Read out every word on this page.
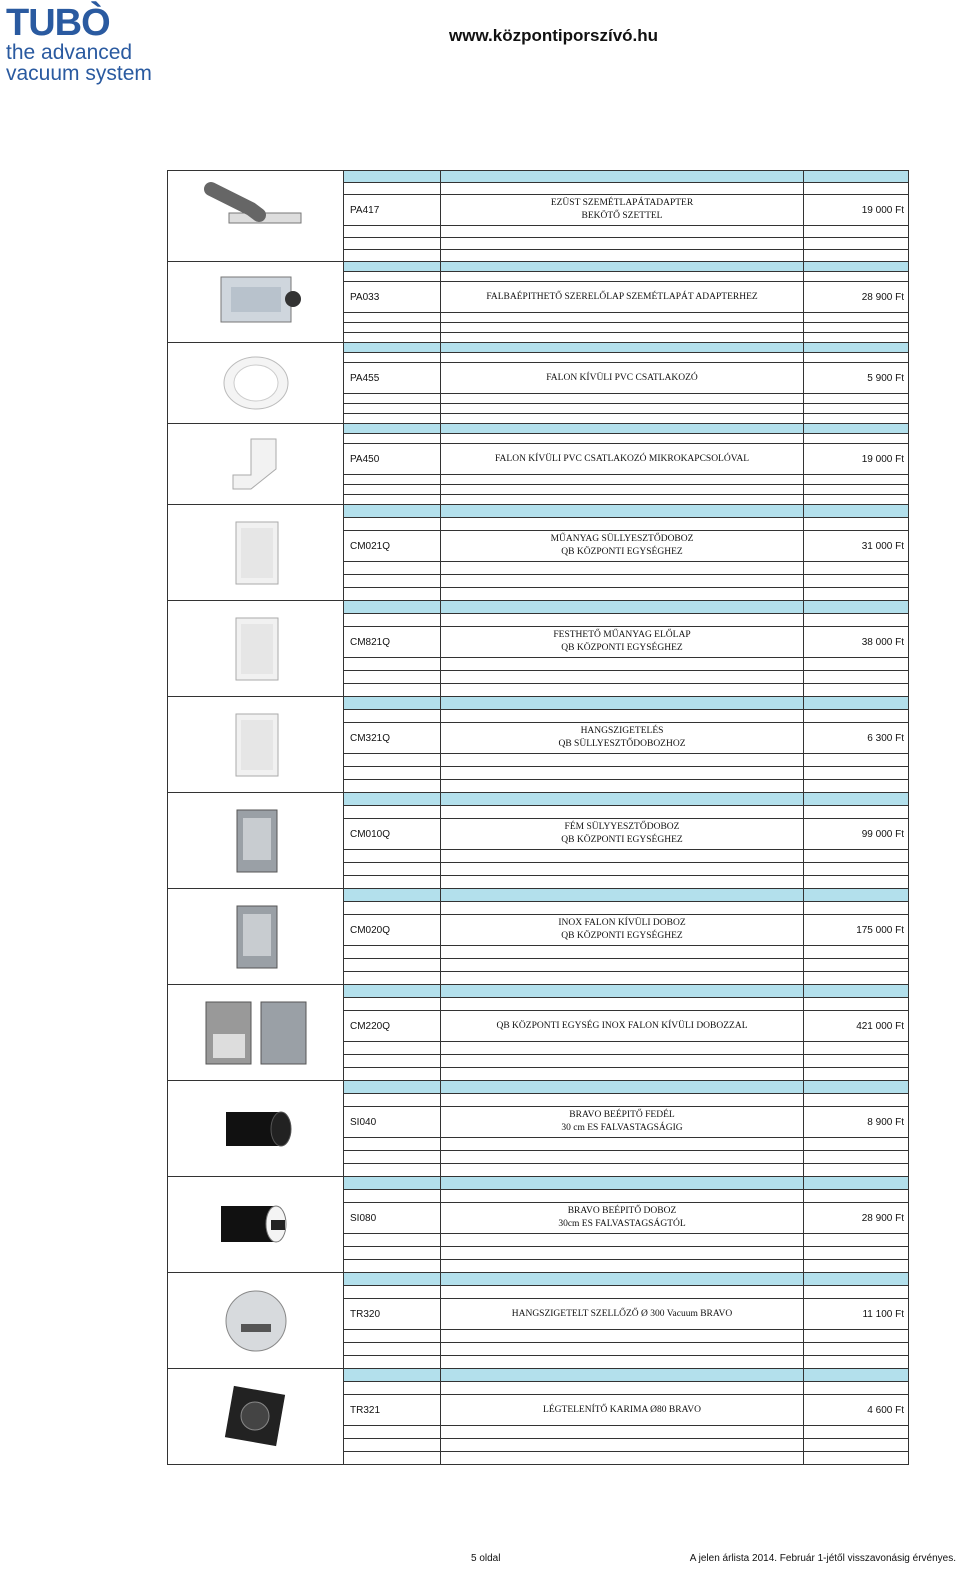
TUBÒ
the advanced
vacuum system
www.központiporszívó.hu

	PA417	EZÜST SZEMÉTLAPÁTADAPTER
BEKÖTŐ SZETTEL	19 000 Ft

	PA033	FALBAÉPITHETŐ SZERELŐLAP SZEMÉTLAPÁT ADAPTERHEZ	28 900 Ft

	PA455	FALON KÍVÜLI PVC CSATLAKOZÓ	5 900 Ft

	PA450	FALON KÍVÜLI PVC CSATLAKOZÓ MIKROKAPCSOLÓVAL	19 000 Ft

	CM021Q	MŰANYAG SÜLLYESZTŐDOBOZ
QB KÖZPONTI EGYSÉGHEZ	31 000 Ft

	CM821Q	FESTHETŐ MŰANYAG ELŐLAP
QB KÖZPONTI EGYSÉGHEZ	38 000 Ft

	CM321Q	HANGSZIGETELÉS
QB SÜLLYESZTŐDOBOZHOZ	6 300 Ft

	CM010Q	FÉM SÜLYYESZTŐDOBOZ
QB KÖZPONTI EGYSÉGHEZ	99 000 Ft

	CM020Q	INOX FALON KÍVÜLI DOBOZ
QB KÖZPONTI EGYSÉGHEZ	175 000 Ft

	CM220Q	QB KÖZPONTI EGYSÉG INOX FALON KÍVÜLI DOBOZZAL	421 000 Ft

	SI040	BRAVO BEÉPITŐ FEDÉL
30 cm ES FALVASTAGSÁGIG	8 900 Ft

	SI080	BRAVO BEÉPITŐ DOBOZ
30cm ES FALVASTAGSÁGTÓL	28 900 Ft

	TR320	HANGSZIGETELT SZELLŐZŐ Ø 300 Vacuum BRAVO	11 100 Ft

	TR321	LÉGTELENÍTŐ KARIMA Ø80 BRAVO	4 600 Ft

5 oldal	A jelen árlista 2014. Február 1-jétől visszavonásig érvényes.
